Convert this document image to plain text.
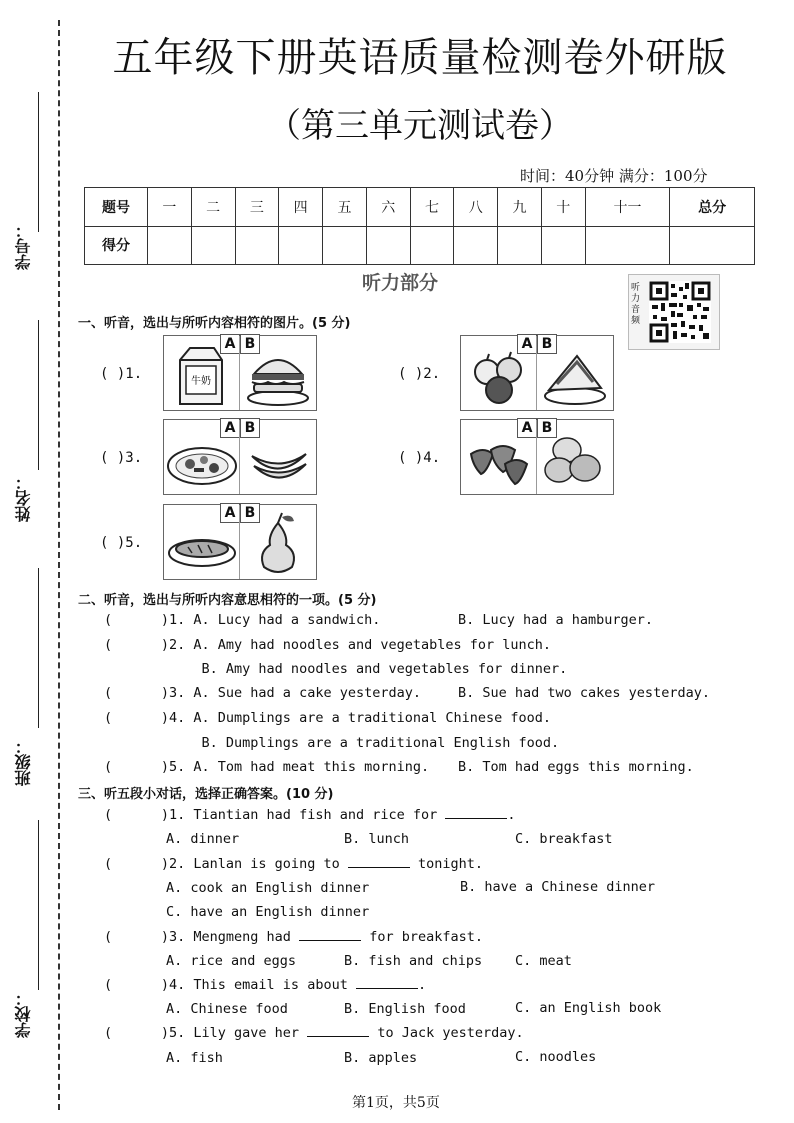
学号：
姓名：
班级：
学校：
五年级下册英语质量检测卷外研版
（第三单元测试卷）
时间：40分钟 满分：100分
题号	一	二	三	四	五	六	七	八	九	十	十一	总分
得分												
听力部分	听力音频
一、听音，选出与所听内容相符的图片。(5 分)
( )1.
A B
牛奶	( )2.
A B
( )3.
A B
( )4.
A B
( )5.
A B
二、听音，选出与所听内容意思相符的一项。(5 分)
(      )1. A. Lucy had a sandwich.	B. Lucy had a hamburger.
(      )2. A. Amy had noodles and vegetables for lunch.
B. Amy had noodles and vegetables for dinner.
(      )3. A. Sue had a cake yesterday.	B. Sue had two cakes yesterday.
(      )4. A. Dumplings are a traditional Chinese food.
B. Dumplings are a traditional English food.
(      )5. A. Tom had meat this morning. B. Tom had eggs this morning.
三、听五段小对话，选择正确答案。(10 分)
(      )1. Tiantian had fish and rice for	.
A. dinner	B. lunch	C. breakfast
(      )2. Lanlan is going to	tonight.
A. cook an English dinner	B. have a Chinese dinner
C. have an English dinner
(      )3. Mengmeng had	for breakfast.
A. rice and eggs	B. fish and chips C. meat
(      )4. This email is about	.
A. Chinese food	B. English food	C. an English book
(      )5. Lily gave her	to Jack yesterday.
A. fish	B. apples	C. noodles
第1页，共5页
